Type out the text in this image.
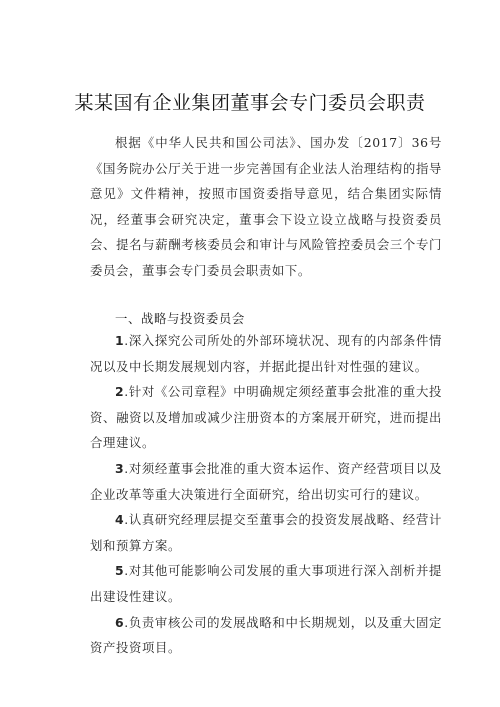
某某国有企业集团董事会专门委员会职责

根据《中华人民共和国公司法》、国办发〔2017〕36号《国务院办公厅关于进一步完善国有企业法人治理结构的指导意见》文件精神，按照市国资委指导意见，结合集团实际情况，经董事会研究决定，董事会下设立设立战略与投资委员会、提名与薪酬考核委员会和审计与风险管控委员会三个专门委员会，董事会专门委员会职责如下。

一、战略与投资委员会

1.深入探究公司所处的外部环境状况、现有的内部条件情况以及中长期发展规划内容，并据此提出针对性强的建议。

2.针对《公司章程》中明确规定须经董事会批准的重大投资、融资以及增加或减少注册资本的方案展开研究，进而提出合理建议。

3.对须经董事会批准的重大资本运作、资产经营项目以及企业改革等重大决策进行全面研究，给出切实可行的建议。

4.认真研究经理层提交至董事会的投资发展战略、经营计划和预算方案。

5.对其他可能影响公司发展的重大事项进行深入剖析并提出建设性建议。

6.负责审核公司的发展战略和中长期规划，以及重大固定资产投资项目。
